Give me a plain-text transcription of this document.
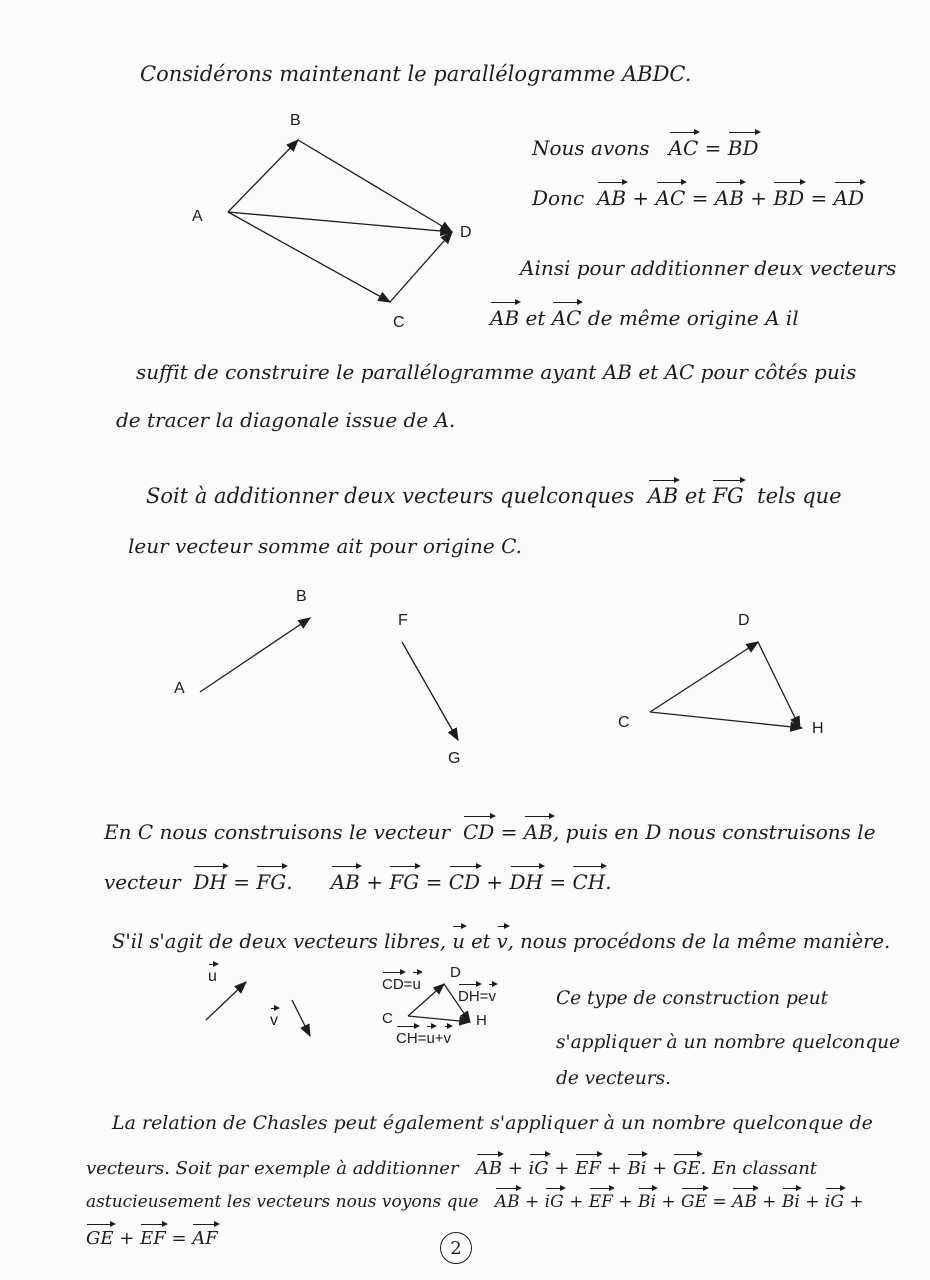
Considérons maintenant le parallélogramme ABDC.
A
B
C
D
Nous avons AC = BD
Donc AB + AC = AB + BD = AD
Ainsi pour additionner deux vecteurs
AB et AC de même origine A il
suffit de construire le parallélogramme ayant AB et AC pour côtés puis
de tracer la diagonale issue de A.
Soit à additionner deux vecteurs quelconques AB et FG tels que
leur vecteur somme ait pour origine C.
A
B
F
G
C
D
H
En C nous construisons le vecteur CD = AB, puis en D nous construisons le
vecteur DH = FG. AB + FG = CD + DH = CH.
S'il s'agit de deux vecteurs libres, u et v, nous procédons de la même manière.
u
v
CD=u
D
DH=v
C	H
CH=u+v
Ce type de construction peut
s'appliquer à un nombre quelconque
de vecteurs.
La relation de Chasles peut également s'appliquer à un nombre quelconque de
vecteurs. Soit par exemple à additionner AB + iG + EF + Bi + GE. En classant
astucieusement les vecteurs nous voyons que AB + iG + EF + Bi + GE = AB + Bi + iG +
GE + EF = AF	2
